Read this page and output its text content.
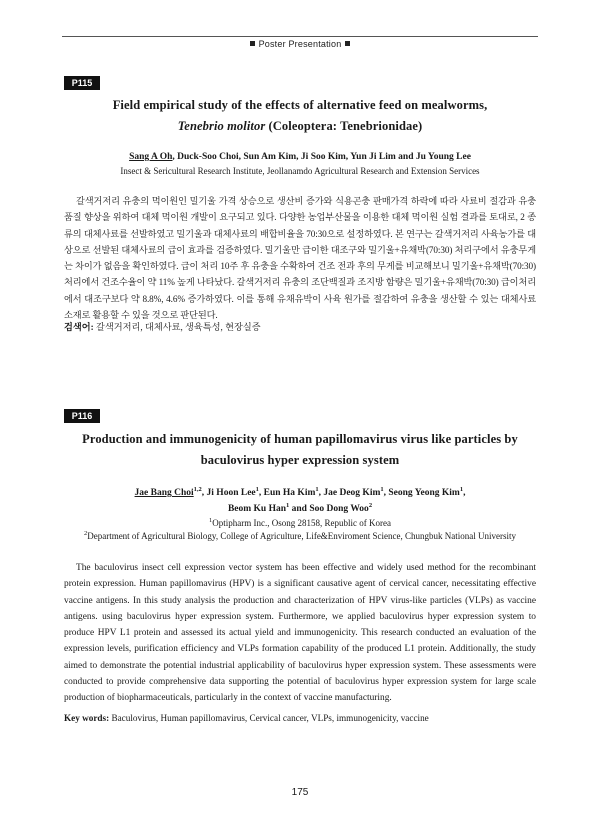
Poster Presentation
P115
Field empirical study of the effects of alternative feed on mealworms,
Tenebrio molitor (Coleoptera: Tenebrionidae)
Sang A Oh, Duck-Soo Choi, Sun Am Kim, Ji Soo Kim, Yun Ji Lim and Ju Young Lee
Insect & Sericultural Research Institute, Jeollanamdo Agricultural Research and Extension Services
갈색거저리 유충의 먹이원인 밀기울 가격 상승으로 생산비 증가와 식용곤충 판매가격 하락에 따라 사료비 절감과 유충 품질 향상을 위하여 대체 먹이원 개발이 요구되고 있다. 다양한 농업부산물을 이용한 대체 먹이원 실험 결과를 토대로, 2 종류의 대체사료를 선발하였고 밀기울과 대체사료의 배합비율을 70:30으로 설정하였다. 본 연구는 갈색거저리 사육농가를 대상으로 선발된 대체사료의 급이 효과를 검증하였다. 밀기울만 급이한 대조구와 밀기울+유채박(70:30) 처리구에서 유충무게는 차이가 없음을 확인하였다. 급이 처리 10주 후 유충을 수확하여 건조 전과 후의 무게를 비교해보니 밀기울+유채박(70:30) 처리에서 건조수율이 약 11% 높게 나타났다. 갈색거저리 유충의 조단백질과 조지방 함량은 밀기울+유채박(70:30) 급이처리에서 대조구보다 약 8.8%, 4.6% 증가하였다. 이를 통해 유채유박이 사육 원가를 절감하여 유충을 생산할 수 있는 대체사료 소재로 활용할 수 있을 것으로 판단된다.
검색어: 갈색거저리, 대체사료, 생육특성, 현장실증
P116
Production and immunogenicity of human papillomavirus virus like particles by
baculovirus hyper expression system
Jae Bang Choi$^{1,2}$, Ji Hoon Lee$^1$, Eun Ha Kim$^1$, Jae Deog Kim$^1$, Seong Yeong Kim$^1$,
Beom Ku Han$^1$ and Soo Dong Woo$^2$
$^1$Optipharm Inc., Osong 28158, Republic of Korea
$^2$Department of Agricultural Biology, College of Agriculture, Life&Enviroment Science, Chungbuk National University
The baculovirus insect cell expression vector system has been effective and widely used method for the recombinant protein expression. Human papillomavirus (HPV) is a significant causative agent of cervical cancer, necessitating effective vaccine antigens. In this study analysis the production and characterization of HPV virus-like particles (VLPs) as vaccine antigens. using baculovirus hyper expression system. Furthermore, we applied baculovirus hyper expression system to produce HPV L1 protein and assessed its actual yield and immunogenicity. This research conducted an evaluation of the expression levels, purification efficiency and VLPs formation capability of the produced L1 protein. Additionally, the study aimed to demonstrate the potential industrial applicability of baculovirus hyper expression system. These assessments were conducted to provide comprehensive data supporting the potential of baculovirus hyper expression system for large scale production of biopharmaceuticals, particularly in the context of vaccine manufacturing.
Key words: Baculovirus, Human papillomavirus, Cervical cancer, VLPs, immunogenicity, vaccine
175
